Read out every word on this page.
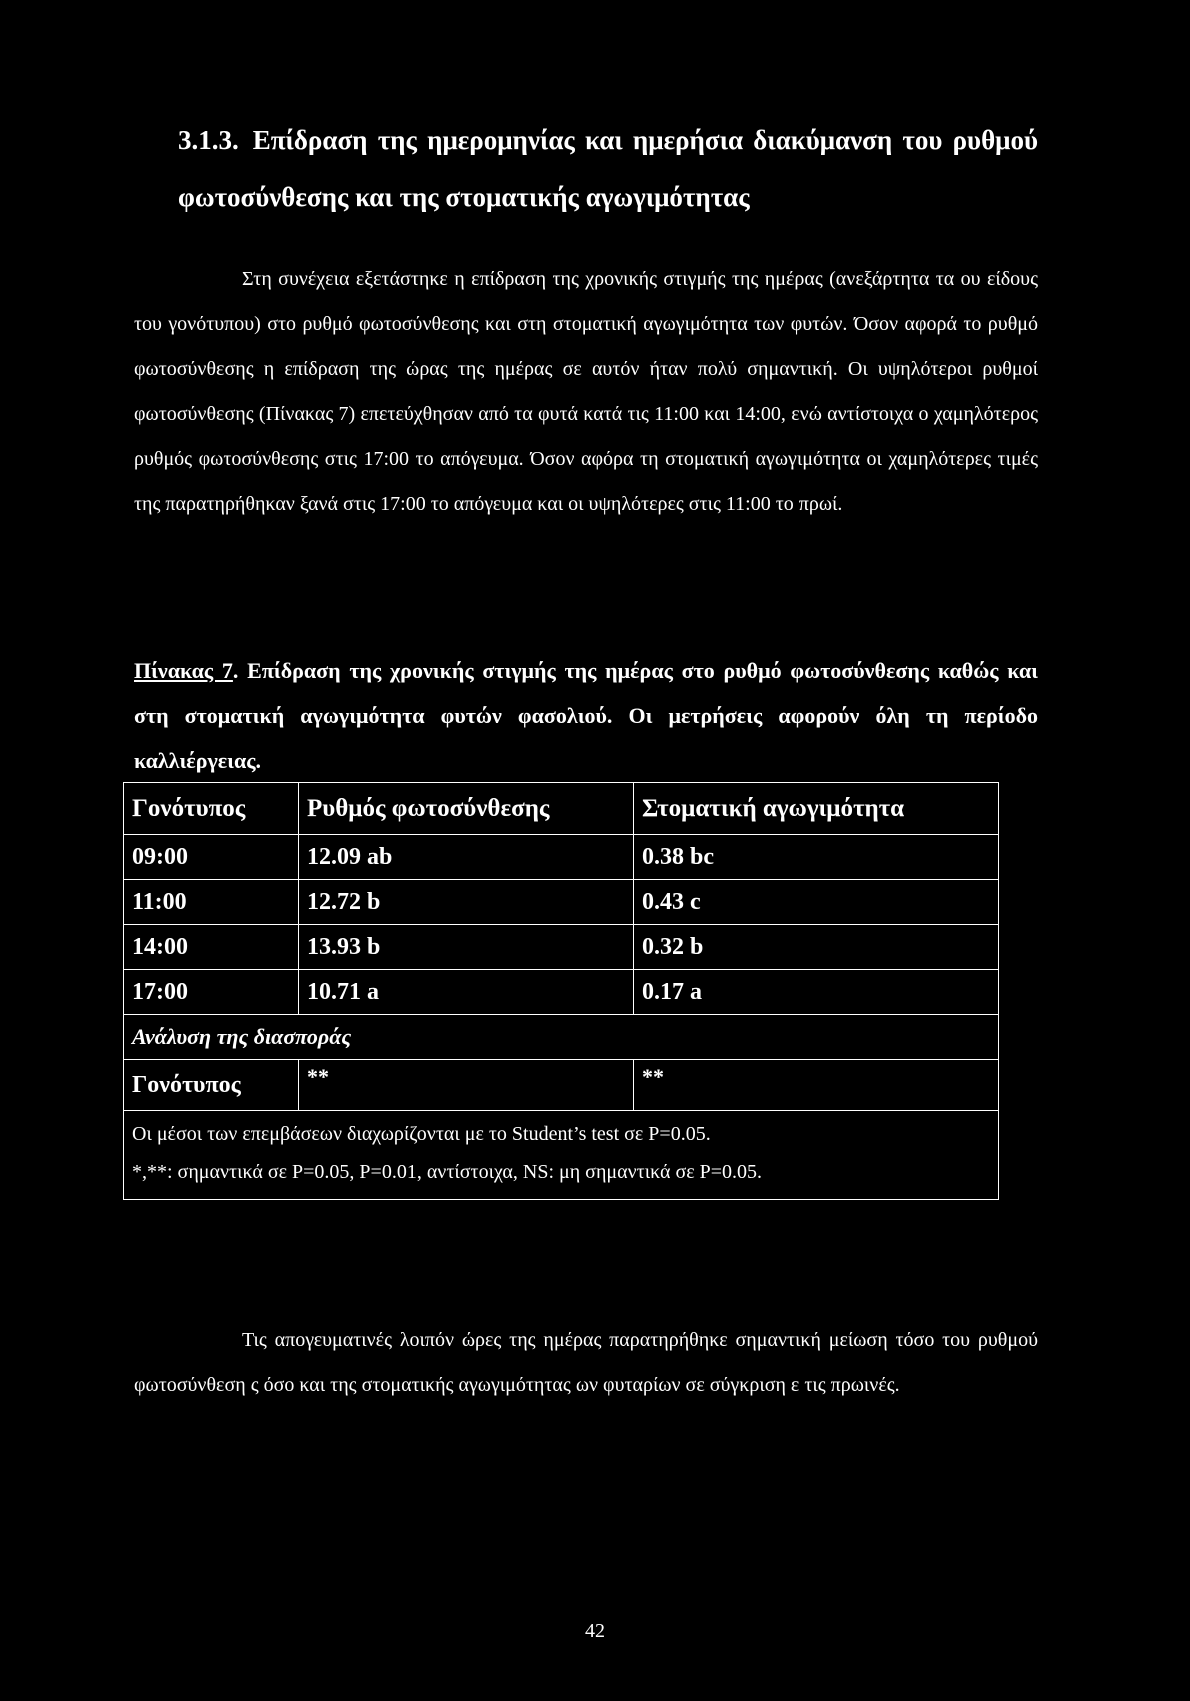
3.1.3. Επίδραση της ημερομηνίας και ημερήσια διακύμανση του ρυθμού φωτοσύνθεσης και της στοματικής αγωγιμότητας

Στη συνέχεια εξετάστηκε η επίδραση της χρονικής στιγμής της ημέρας (ανεξάρτητα τα ου είδους του γονότυπου) στο ρυθμό φωτοσύνθεσης και στη στοματική αγωγιμότητα των φυτών. Όσον αφορά το ρυθμό φωτοσύνθεσης η επίδραση της ώρας της ημέρας σε αυτόν ήταν πολύ σημαντική. Οι υψηλότεροι ρυθμοί φωτοσύνθεσης (Πίνακας 7) επετεύχθησαν από τα φυτά κατά τις 11:00 και 14:00, ενώ αντίστοιχα ο χαμηλότερος ρυθμός φωτοσύνθεσης στις 17:00 το απόγευμα. Όσον αφόρα τη στοματική αγωγιμότητα οι χαμηλότερες τιμές της παρατηρήθηκαν ξανά στις 17:00 το απόγευμα και οι υψηλότερες στις 11:00 το πρωί.

Πίνακας 7. Επίδραση της χρονικής στιγμής της ημέρας στο ρυθμό φωτοσύνθεσης καθώς και στη στοματική αγωγιμότητα φυτών φασολιού. Οι μετρήσεις αφορούν όλη τη περίοδο καλλιέργειας.

Γονότυπος	Ρυθμός φωτοσύνθεσης	Στοματική αγωγιμότητα
09:00	12.09 ab	0.38 bc
11:00	12.72 b	0.43 c
14:00	13.93 b	0.32 b
17:00	10.71 a	0.17 a
Ανάλυση της διασποράς		
Γονότυπος	**	**

Οι μέσοι των επεμβάσεων διαχωρίζονται με το Student’s test σε P=0.05.
*,**: σημαντικά σε P=0.05, P=0.01, αντίστοιχα, NS: μη σημαντικά σε P=0.05.		

Τις απογευματινές λοιπόν ώρες της ημέρας παρατηρήθηκε σημαντική μείωση τόσο του ρυθμού φωτοσύνθεση ς όσο και της στοματικής αγωγιμότητας ων φυταρίων σε σύγκριση ε τις πρωινές.

42
